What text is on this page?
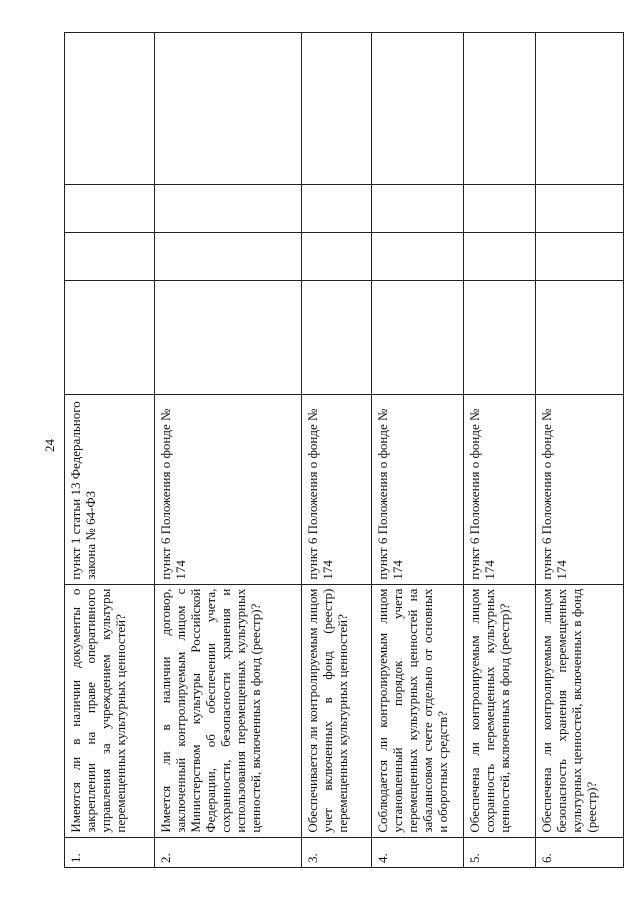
24
1.	Имеются ли в наличии документы о закреплении на праве оперативного управления за учреждением культуры перемещенных культурных ценностей?	пункт 1 статьи 13 Федерального закона № 64-ФЗ				
2.	Имеется ли в наличии договор, заключенный контролируемым лицом с Министерством культуры Российской Федерации, об обеспечении учета, сохранности, безопасности хранения и использования перемещенных культурных ценностей, включенных в фонд (реестр)?	пункт 6 Положения о фонде № 174				
3.	Обеспечивается ли контролируемым лицом учет включенных в фонд (реестр) перемещенных культурных ценностей?	пункт 6 Положения о фонде № 174				
4.	Соблюдается ли контролируемым лицом установленный порядок учета перемещенных культурных ценностей на забалансовом счете отдельно от основных и оборотных средств?	пункт 6 Положения о фонде № 174				
5.	Обеспечена ли контролируемым лицом сохранность перемещенных культурных ценностей, включенных в фонд (реестр)?	пункт 6 Положения о фонде № 174				
6.	Обеспечена ли контролируемым лицом безопасность хранения перемещенных культурных ценностей, включенных в фонд (реестр)?	пункт 6 Положения о фонде № 174				
